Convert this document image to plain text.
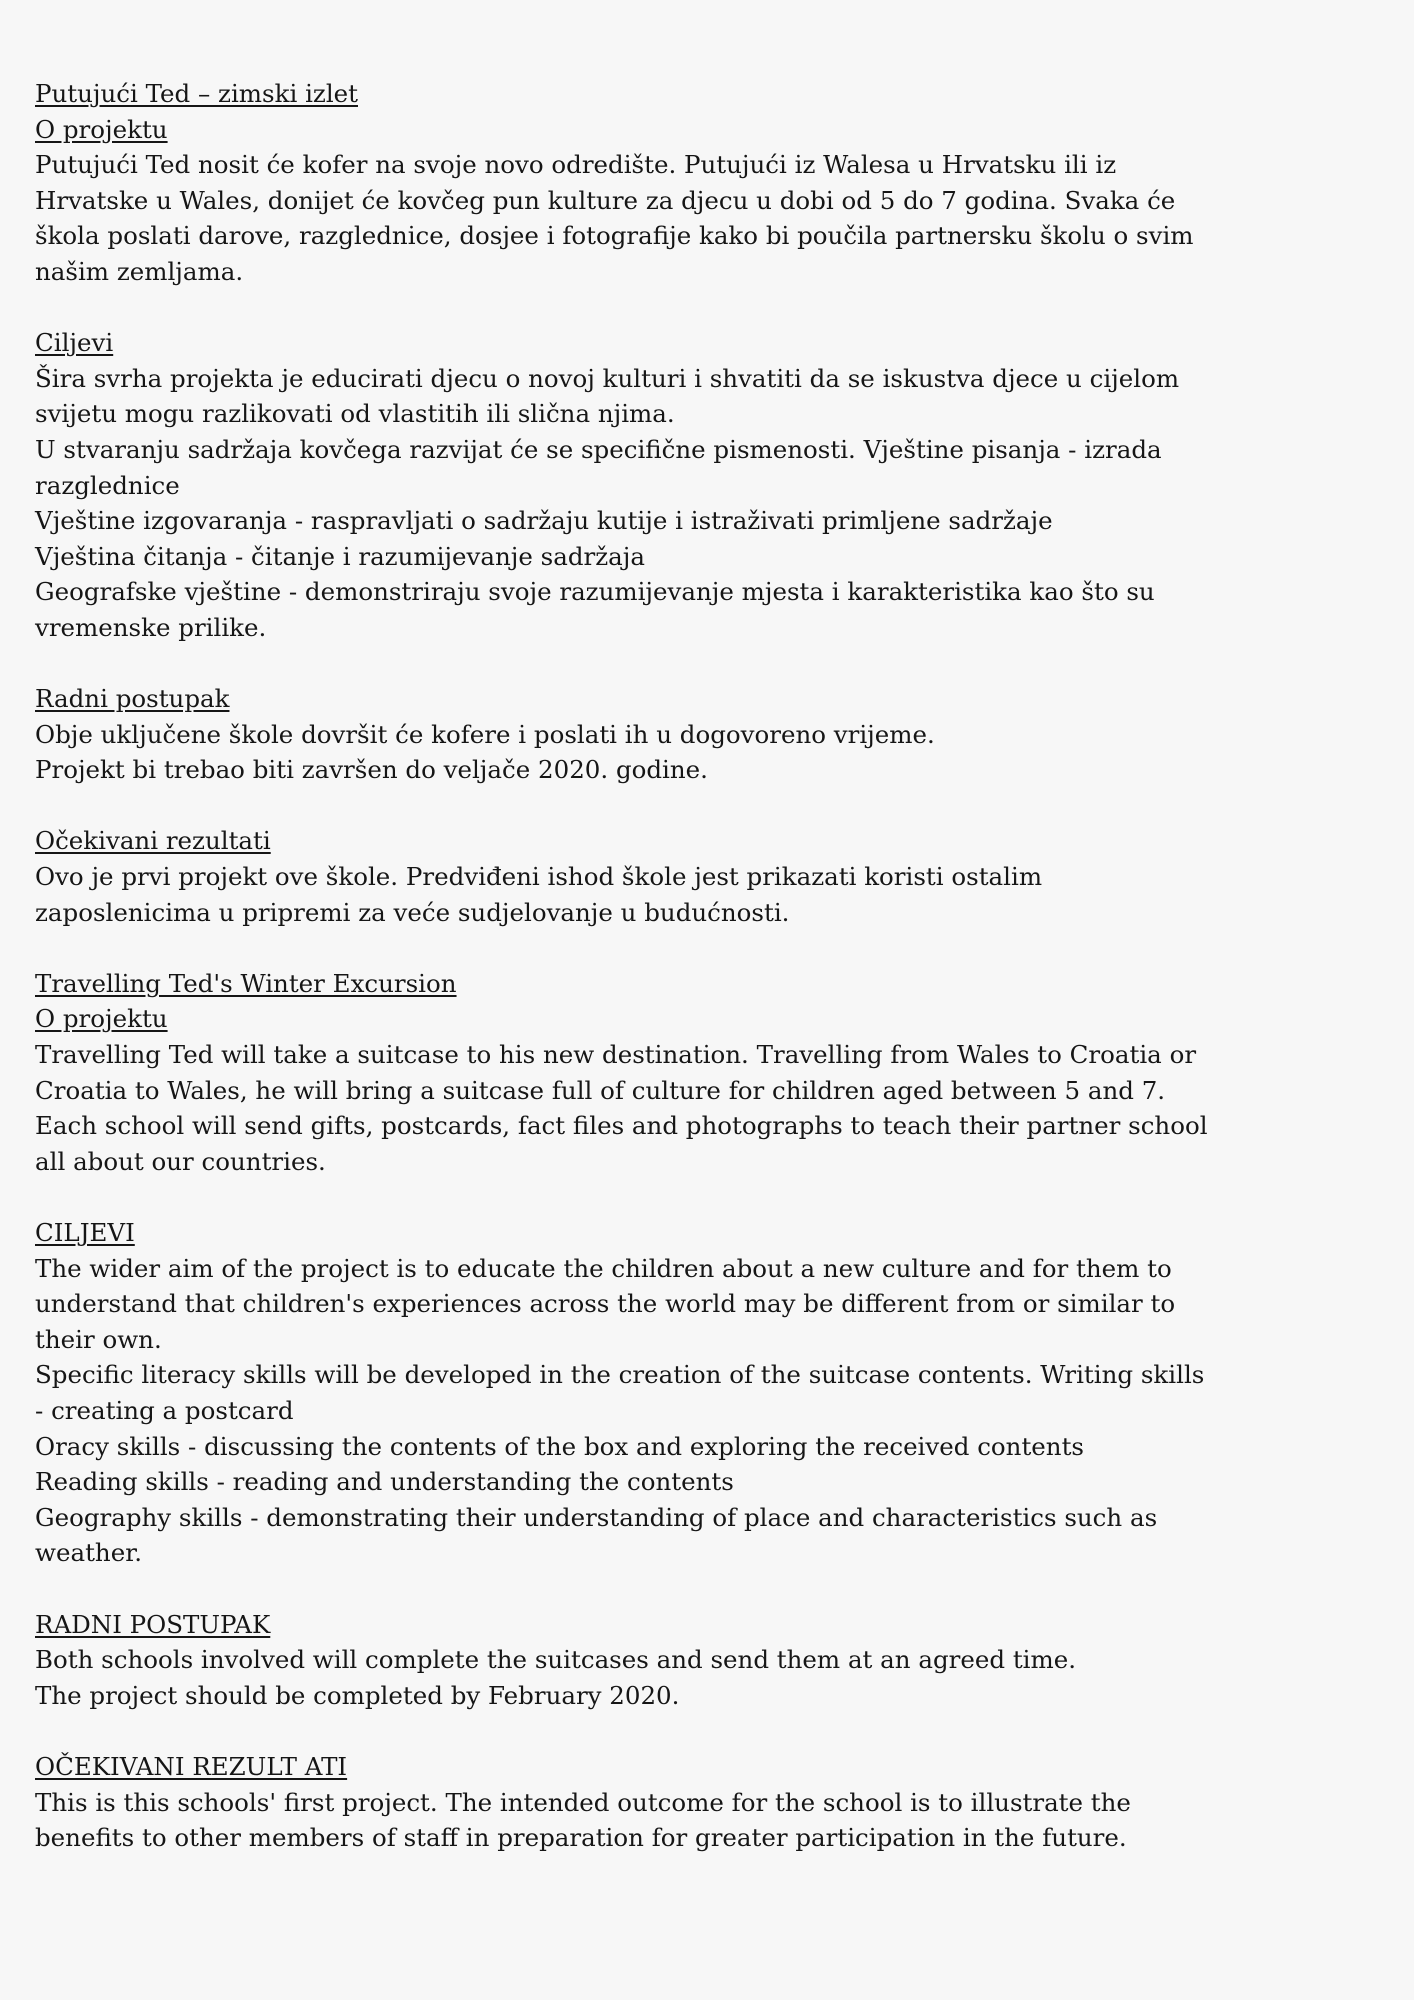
Putujući Ted – zimski izlet
O projektu
Putujući Ted nosit će kofer na svoje novo odredište. Putujući iz Walesa u Hrvatsku ili iz
Hrvatske u Wales, donijet će kovčeg pun kulture za djecu u dobi od 5 do 7 godina. Svaka će
škola poslati darove, razglednice, dosjee i fotografije kako bi poučila partnersku školu o svim
našim zemljama.
Ciljevi
Šira svrha projekta je educirati djecu o novoj kulturi i shvatiti da se iskustva djece u cijelom
svijetu mogu razlikovati od vlastitih ili slična njima.
U stvaranju sadržaja kovčega razvijat će se specifične pismenosti. Vještine pisanja - izrada
razglednice
Vještine izgovaranja - raspravljati o sadržaju kutije i istraživati primljene sadržaje
Vještina čitanja - čitanje i razumijevanje sadržaja
Geografske vještine - demonstriraju svoje razumijevanje mjesta i karakteristika kao što su
vremenske prilike.
Radni postupak
Obje uključene škole dovršit će kofere i poslati ih u dogovoreno vrijeme.
Projekt bi trebao biti završen do veljače 2020. godine.
Očekivani rezultati
Ovo je prvi projekt ove škole. Predviđeni ishod škole jest prikazati koristi ostalim
zaposlenicima u pripremi za veće sudjelovanje u budućnosti.
Travelling Ted's Winter Excursion
O projektu
Travelling Ted will take a suitcase to his new destination. Travelling from Wales to Croatia or
Croatia to Wales, he will bring a suitcase full of culture for children aged between 5 and 7.
Each school will send gifts, postcards, fact files and photographs to teach their partner school
all about our countries.
CILJEVI
The wider aim of the project is to educate the children about a new culture and for them to
understand that children's experiences across the world may be different from or similar to
their own.
Specific literacy skills will be developed in the creation of the suitcase contents. Writing skills
- creating a postcard
Oracy skills - discussing the contents of the box and exploring the received contents
Reading skills - reading and understanding the contents
Geography skills - demonstrating their understanding of place and characteristics such as
weather.
RADNI POSTUPAK
Both schools involved will complete the suitcases and send them at an agreed time.
The project should be completed by February 2020.
OČEKIVANI REZULT ATI
This is this schools' first project. The intended outcome for the school is to illustrate the
benefits to other members of staff in preparation for greater participation in the future.
